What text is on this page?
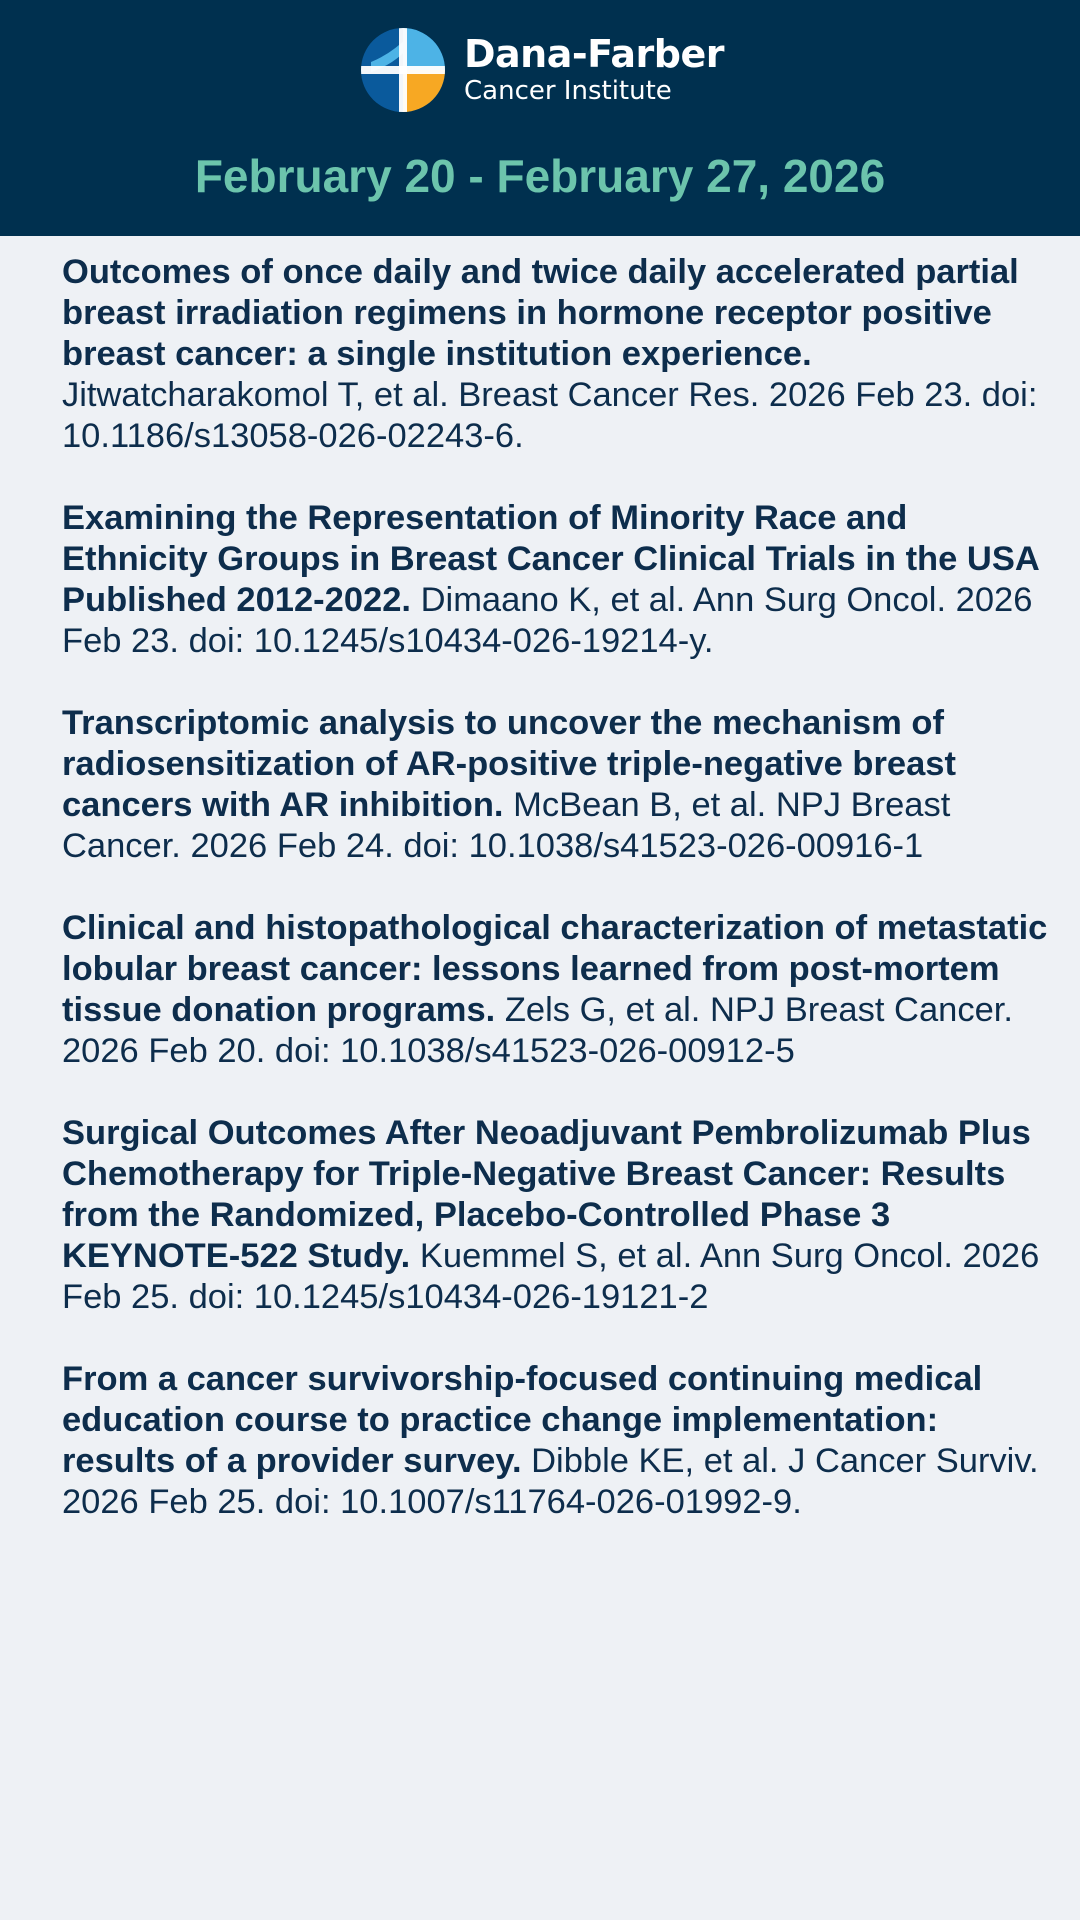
Dana-Farber
Cancer Institute
February 20 - February 27, 2026

Outcomes of once daily and twice daily accelerated partial breast irradiation regimens in hormone receptor positive breast cancer: a single institution experience. Jitwatcharakomol T, et al. Breast Cancer Res. 2026 Feb 23. doi: 10.1186/s13058-026-02243-6.

Examining the Representation of Minority Race and Ethnicity Groups in Breast Cancer Clinical Trials in the USA Published 2012-2022. Dimaano K, et al. Ann Surg Oncol. 2026 Feb 23. doi: 10.1245/s10434-026-19214-y.

Transcriptomic analysis to uncover the mechanism of radiosensitization of AR-positive triple-negative breast cancers with AR inhibition. McBean B, et al. NPJ Breast Cancer. 2026 Feb 24. doi: 10.1038/s41523-026-00916-1

Clinical and histopathological characterization of metastatic lobular breast cancer: lessons learned from post-mortem tissue donation programs. Zels G, et al. NPJ Breast Cancer. 2026 Feb 20. doi: 10.1038/s41523-026-00912-5

Surgical Outcomes After Neoadjuvant Pembrolizumab Plus Chemotherapy for Triple-Negative Breast Cancer: Results from the Randomized, Placebo-Controlled Phase 3 KEYNOTE-522 Study. Kuemmel S, et al. Ann Surg Oncol. 2026 Feb 25. doi: 10.1245/s10434-026-19121-2

From a cancer survivorship-focused continuing medical education course to practice change implementation: results of a provider survey. Dibble KE, et al. J Cancer Surviv. 2026 Feb 25. doi: 10.1007/s11764-026-01992-9.
